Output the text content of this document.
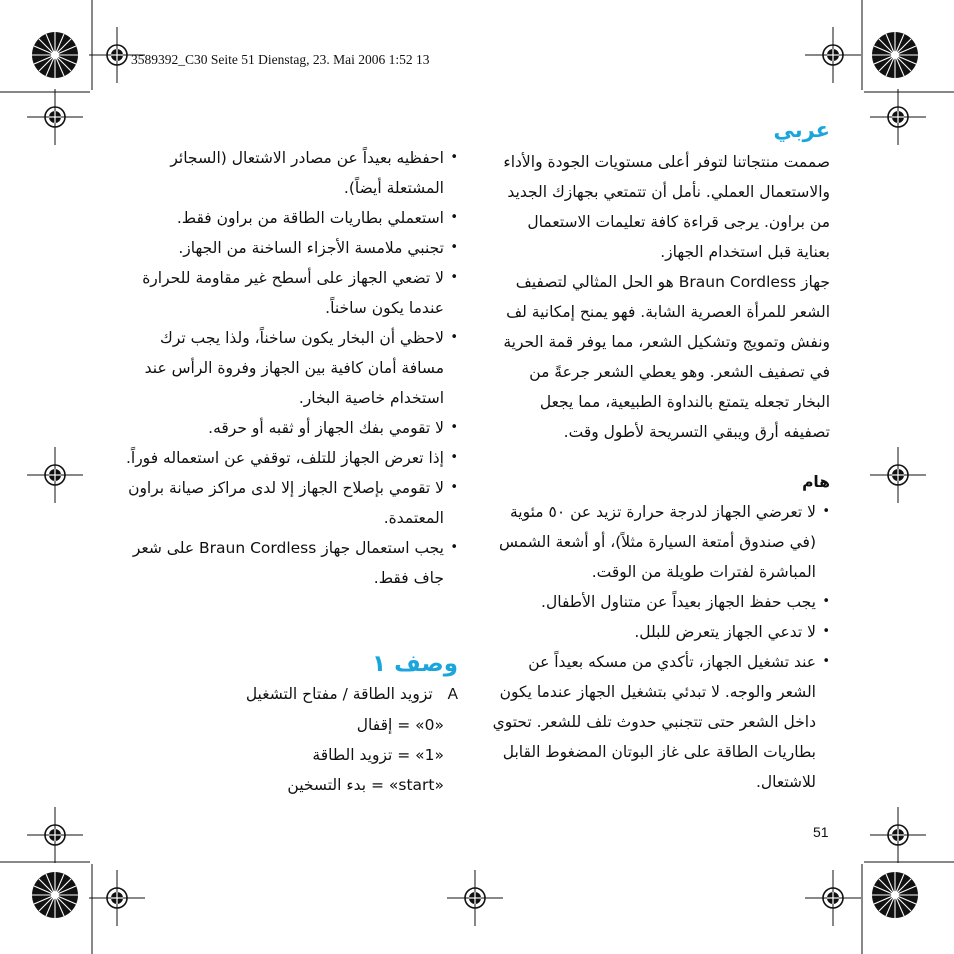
3589392_C30 Seite 51 Dienstag, 23. Mai 2006 1:52 13
عربي

صممت منتجاتنا لتوفر أعلى مستويات الجودة والأداء والاستعمال العملي. نأمل أن تتمتعي بجهازك الجديد من براون. يرجى قراءة كافة تعليمات الاستعمال بعناية قبل استخدام الجهاز.

جهاز Braun Cordless هو الحل المثالي لتصفيف الشعر للمرأة العصرية الشابة. فهو يمنح إمكانية لف ونفش وتمويج وتشكيل الشعر، مما يوفر قمة الحرية في تصفيف الشعر. وهو يعطي الشعر جرعةً من البخار تجعله يتمتع بالنداوة الطبيعية، مما يجعل تصفيفه أرق ويبقي التسريحة لأطول وقت.

هام
• لا تعرضي الجهاز لدرجة حرارة تزيد عن ٥٠ مئوية (في صندوق أمتعة السيارة مثلاً)، أو أشعة الشمس المباشرة لفترات طويلة من الوقت.
• يجب حفظ الجهاز بعيداً عن متناول الأطفال.
• لا تدعي الجهاز يتعرض للبلل.
• عند تشغيل الجهاز، تأكدي من مسكه بعيداً عن الشعر والوجه. لا تبدئي بتشغيل الجهاز عندما يكون داخل الشعر حتى تتجنبي حدوث تلف للشعر. تحتوي بطاريات الطاقة على غاز البوتان المضغوط القابل للاشتعال.
• احفظيه بعيداً عن مصادر الاشتعال (السجائر المشتعلة أيضاً).
• استعملي بطاريات الطاقة من براون فقط.
• تجنبي ملامسة الأجزاء الساخنة من الجهاز.
• لا تضعي الجهاز على أسطح غير مقاومة للحرارة عندما يكون ساخناً.
• لاحظي أن البخار يكون ساخناً، ولذا يجب ترك مسافة أمان كافية بين الجهاز وفروة الرأس عند استخدام خاصية البخار.
• لا تقومي بفك الجهاز أو ثقبه أو حرقه.
• إذا تعرض الجهاز للتلف، توقفي عن استعماله فوراً.
• لا تقومي بإصلاح الجهاز إلا لدى مراكز صيانة براون المعتمدة.
• يجب استعمال جهاز Braun Cordless على شعر جاف فقط.
وصف ١
A تزويد الطاقة / مفتاح التشغيل
«0» = إقفال
«1» = تزويد الطاقة
«start» = بدء التسخين
51
